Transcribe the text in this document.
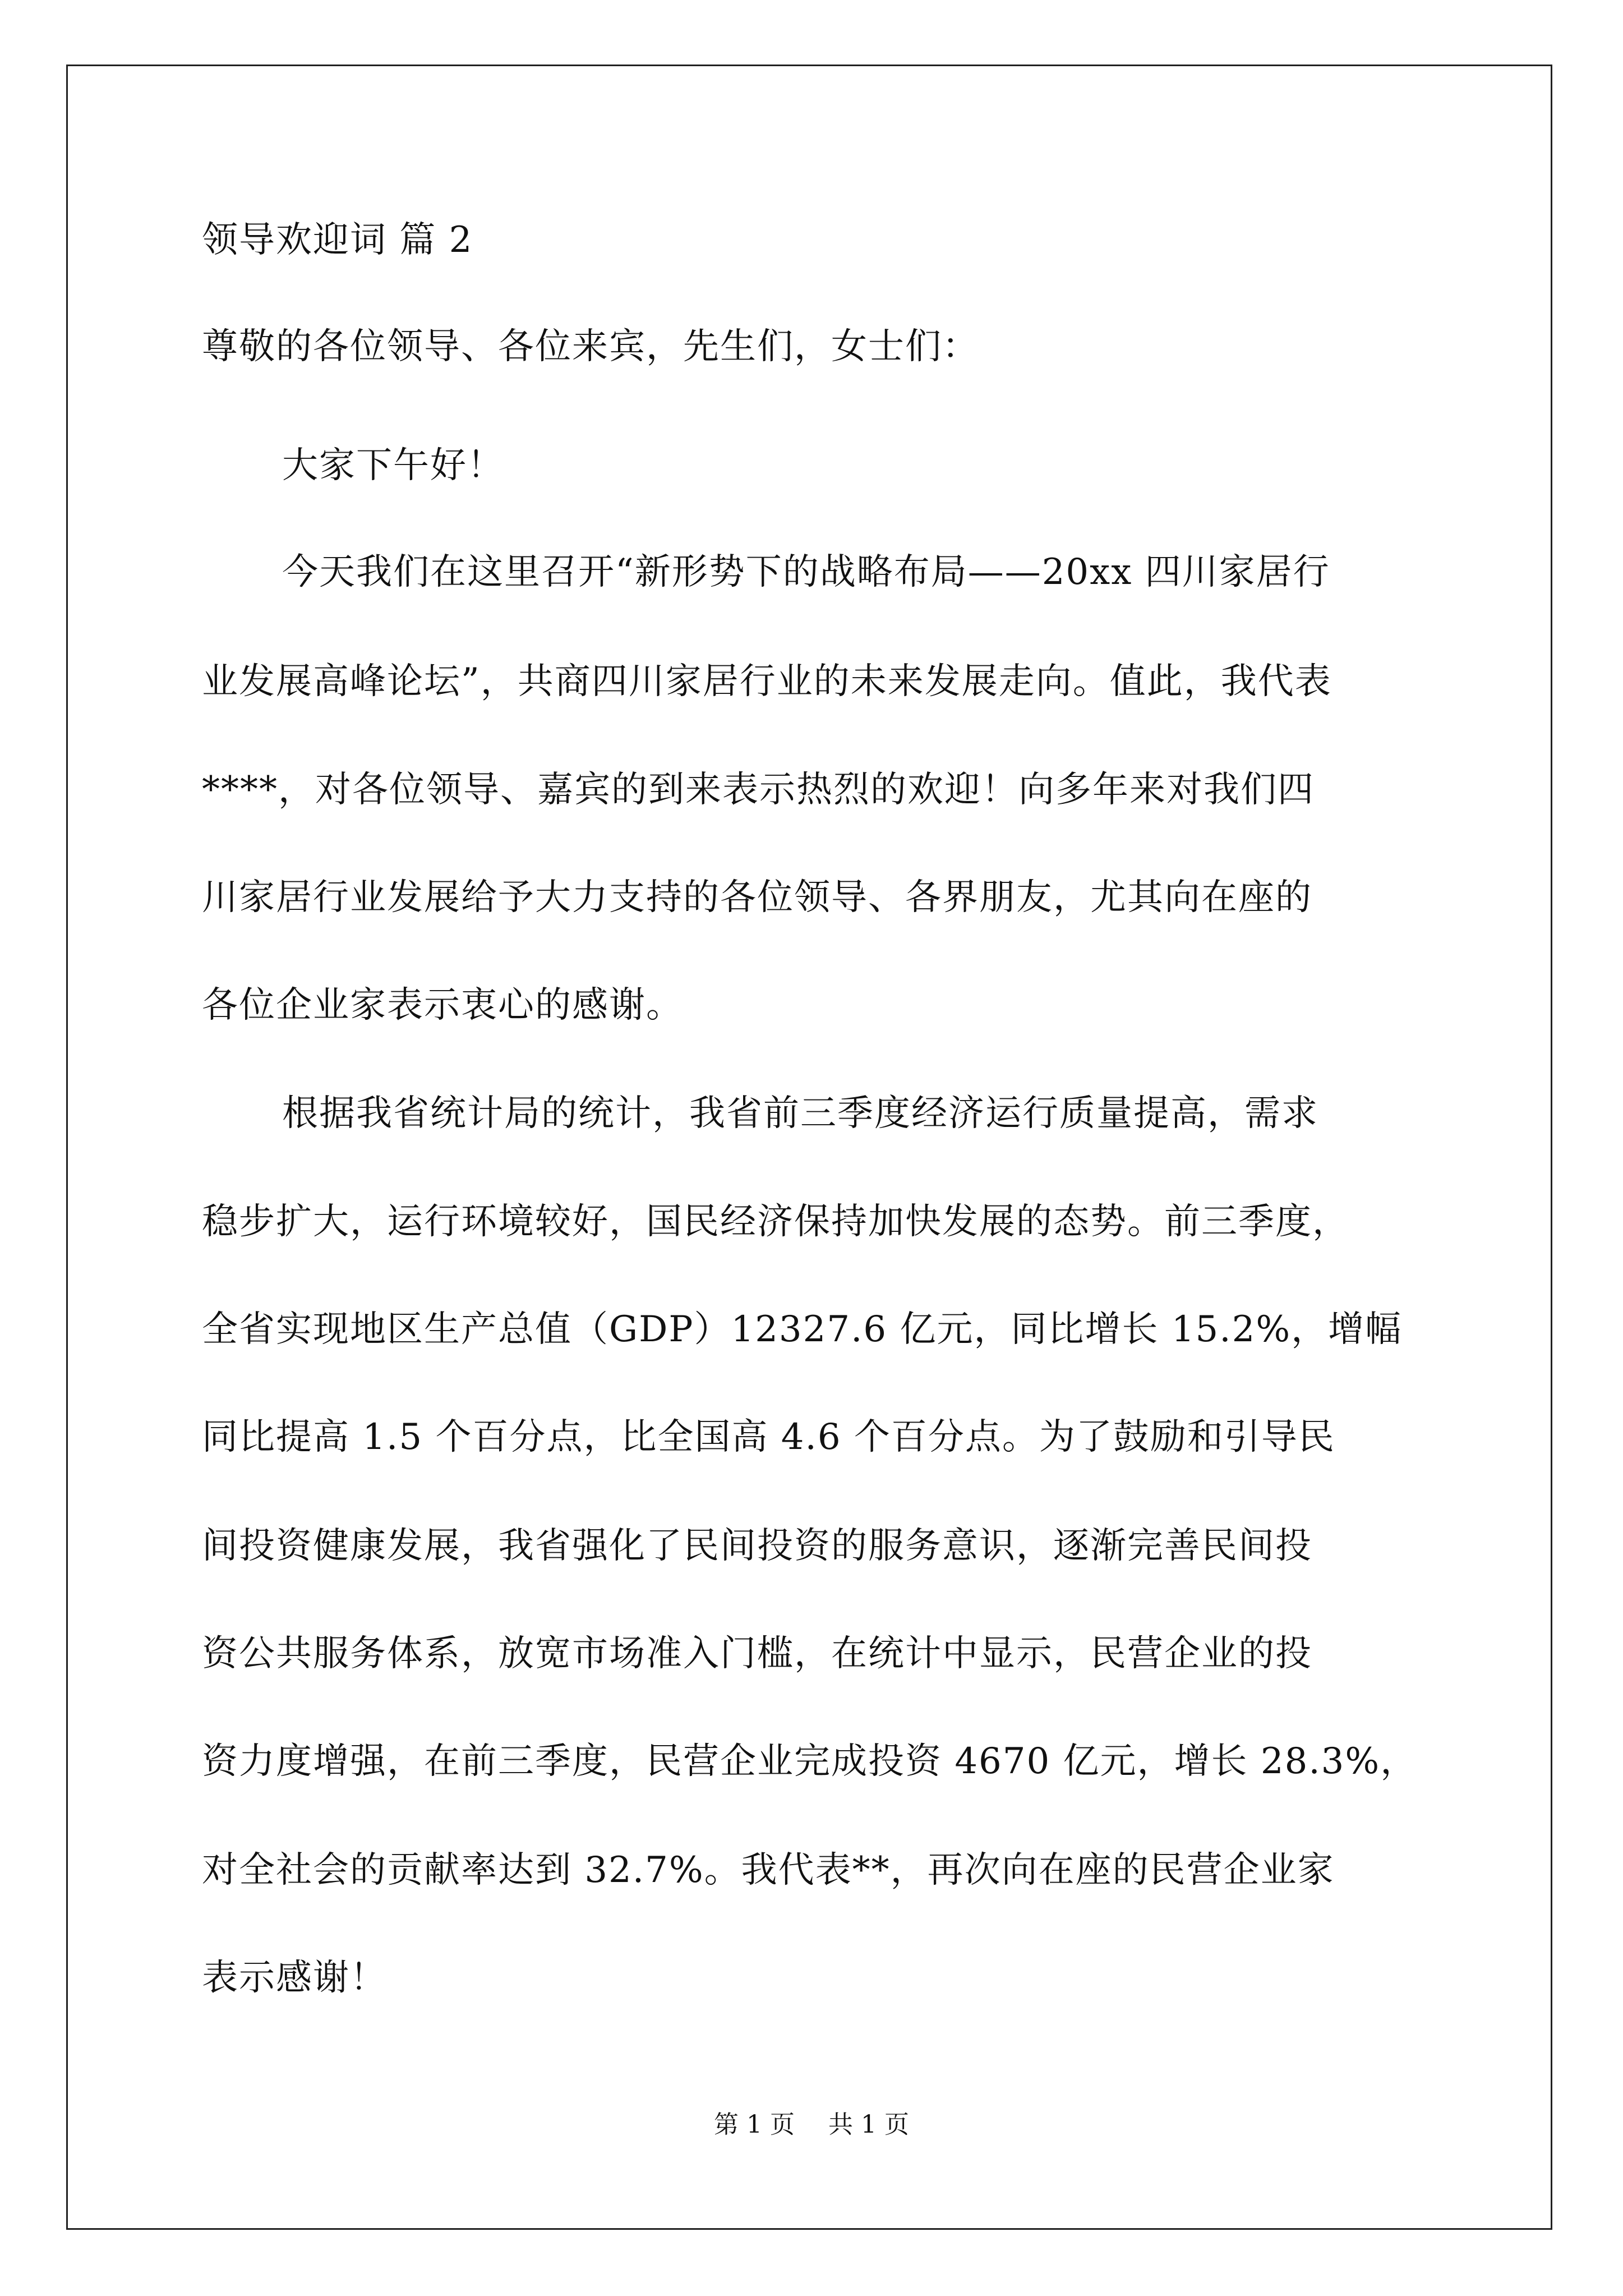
领导欢迎词 篇 2
尊敬的各位领导、各位来宾，先生们，女士们：
大家下午好！
今天我们在这里召开“新形势下的战略布局——20xx 四川家居行
业发展高峰论坛”，共商四川家居行业的未来发展走向。值此，我代表
****，对各位领导、嘉宾的到来表示热烈的欢迎！向多年来对我们四
川家居行业发展给予大力支持的各位领导、各界朋友，尤其向在座的
各位企业家表示衷心的感谢。
根据我省统计局的统计，我省前三季度经济运行质量提高，需求
稳步扩大，运行环境较好，国民经济保持加快发展的态势。前三季度，
全省实现地区生产总值（GDP）12327.6 亿元，同比增长 15.2%，增幅
同比提高 1.5 个百分点，比全国高 4.6 个百分点。为了鼓励和引导民
间投资健康发展，我省强化了民间投资的服务意识，逐渐完善民间投
资公共服务体系，放宽市场准入门槛，在统计中显示，民营企业的投
资力度增强，在前三季度，民营企业完成投资 4670 亿元，增长 28.3%，
对全社会的贡献率达到 32.7%。我代表**，再次向在座的民营企业家
表示感谢！
第 1 页 共 1 页
